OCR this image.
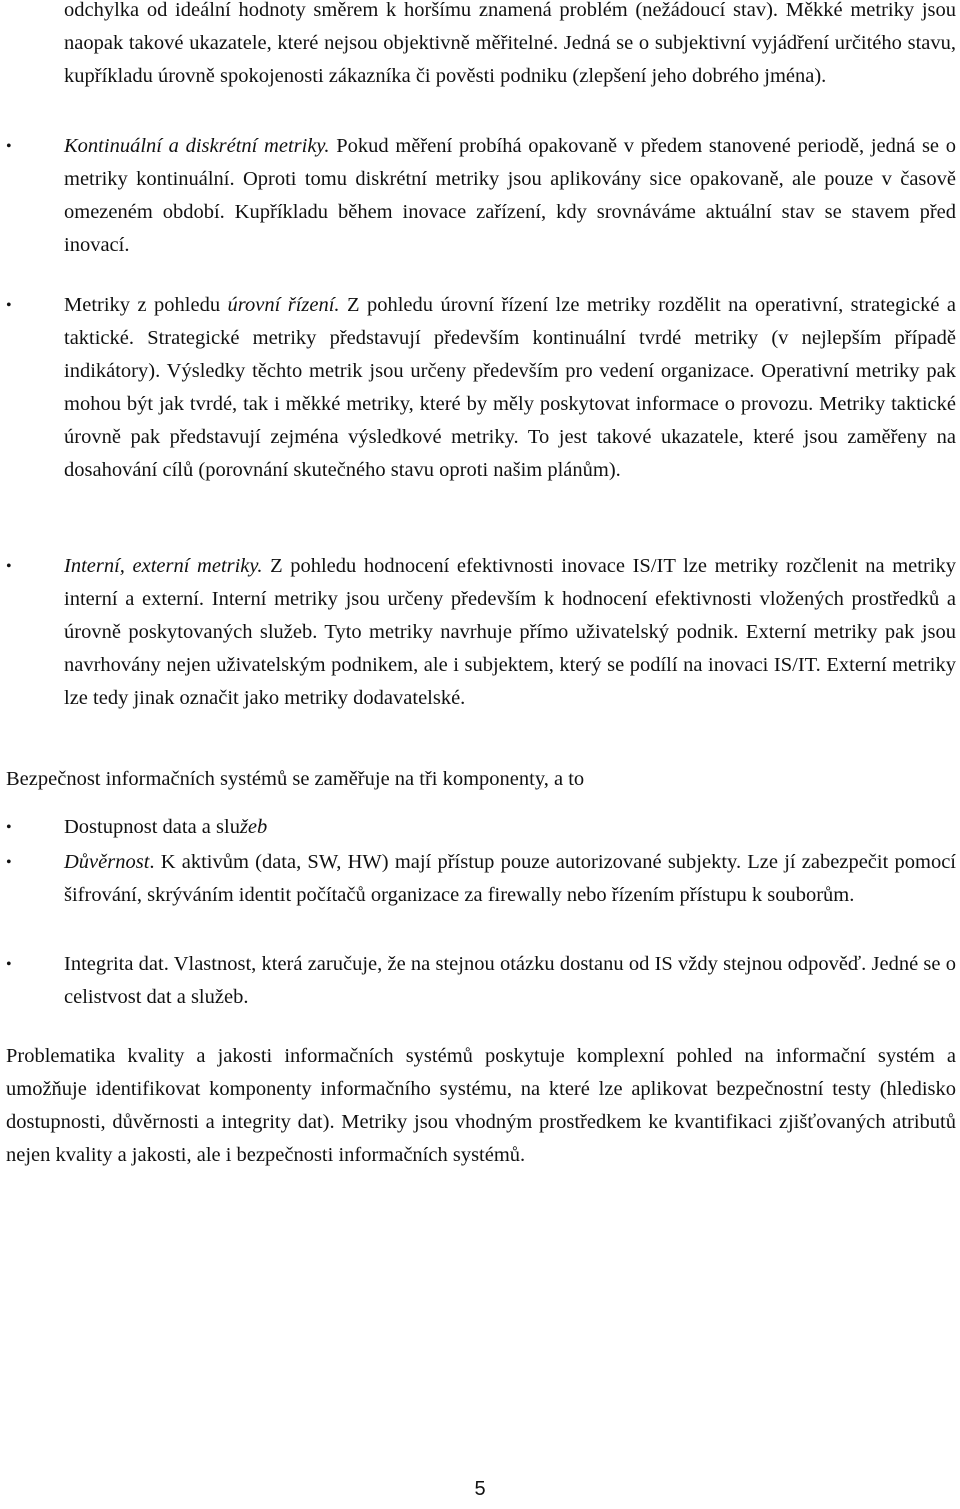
odchylka od ideální hodnoty směrem k horšímu znamená problém (nežádoucí stav). Měkké metriky jsou naopak takové ukazatele, které nejsou objektivně měřitelné. Jedná se o subjektivní vyjádření určitého stavu, kupříkladu úrovně spokojenosti zákazníka či pověsti podniku (zlepšení jeho dobrého jména).

•	Kontinuální a diskrétní metriky. Pokud měření probíhá opakovaně v předem stanovené periodě, jedná se o metriky kontinuální. Oproti tomu diskrétní metriky jsou aplikovány sice opakovaně, ale pouze v časově omezeném období. Kupříkladu během inovace zařízení, kdy srovnáváme aktuální stav se stavem před inovací.

•	Metriky z pohledu úrovní řízení. Z pohledu úrovní řízení lze metriky rozdělit na operativní, strategické a taktické. Strategické metriky představují především kontinuální tvrdé metriky (v nejlepším případě indikátory). Výsledky těchto metrik jsou určeny především pro vedení organizace. Operativní metriky pak mohou být jak tvrdé, tak i měkké metriky, které by měly poskytovat informace o provozu. Metriky taktické úrovně pak představují zejména výsledkové metriky. To jest takové ukazatele, které jsou zaměřeny na dosahování cílů (porovnání skutečného stavu oproti našim plánům).

•	Interní, externí metriky. Z pohledu hodnocení efektivnosti inovace IS/IT lze metriky rozčlenit na metriky interní a externí. Interní metriky jsou určeny především k hodnocení efektivnosti vložených prostředků a úrovně poskytovaných služeb. Tyto metriky navrhuje přímo uživatelský podnik. Externí metriky pak jsou navrhovány nejen uživatelským podnikem, ale i subjektem, který se podílí na inovaci IS/IT. Externí metriky lze tedy jinak označit jako metriky dodavatelské.

Bezpečnost informačních systémů se zaměřuje na tři komponenty, a to

•	Dostupnost data a služeb

•	Důvěrnost. K aktivům (data, SW, HW) mají přístup pouze autorizované subjekty. Lze jí zabezpečit pomocí šifrování, skrýváním identit počítačů organizace za firewally nebo řízením přístupu k souborům.

•	Integrita dat. Vlastnost, která zaručuje, že na stejnou otázku dostanu od IS vždy stejnou odpověď. Jedné se o celistvost dat a služeb.

Problematika kvality a jakosti informačních systémů poskytuje komplexní pohled na informační systém a umožňuje identifikovat komponenty informačního systému, na které lze aplikovat bezpečnostní testy (hledisko dostupnosti, důvěrnosti a integrity dat). Metriky jsou vhodným prostředkem ke kvantifikaci zjišťovaných atributů nejen kvality a jakosti, ale i bezpečnosti informačních systémů.

5
